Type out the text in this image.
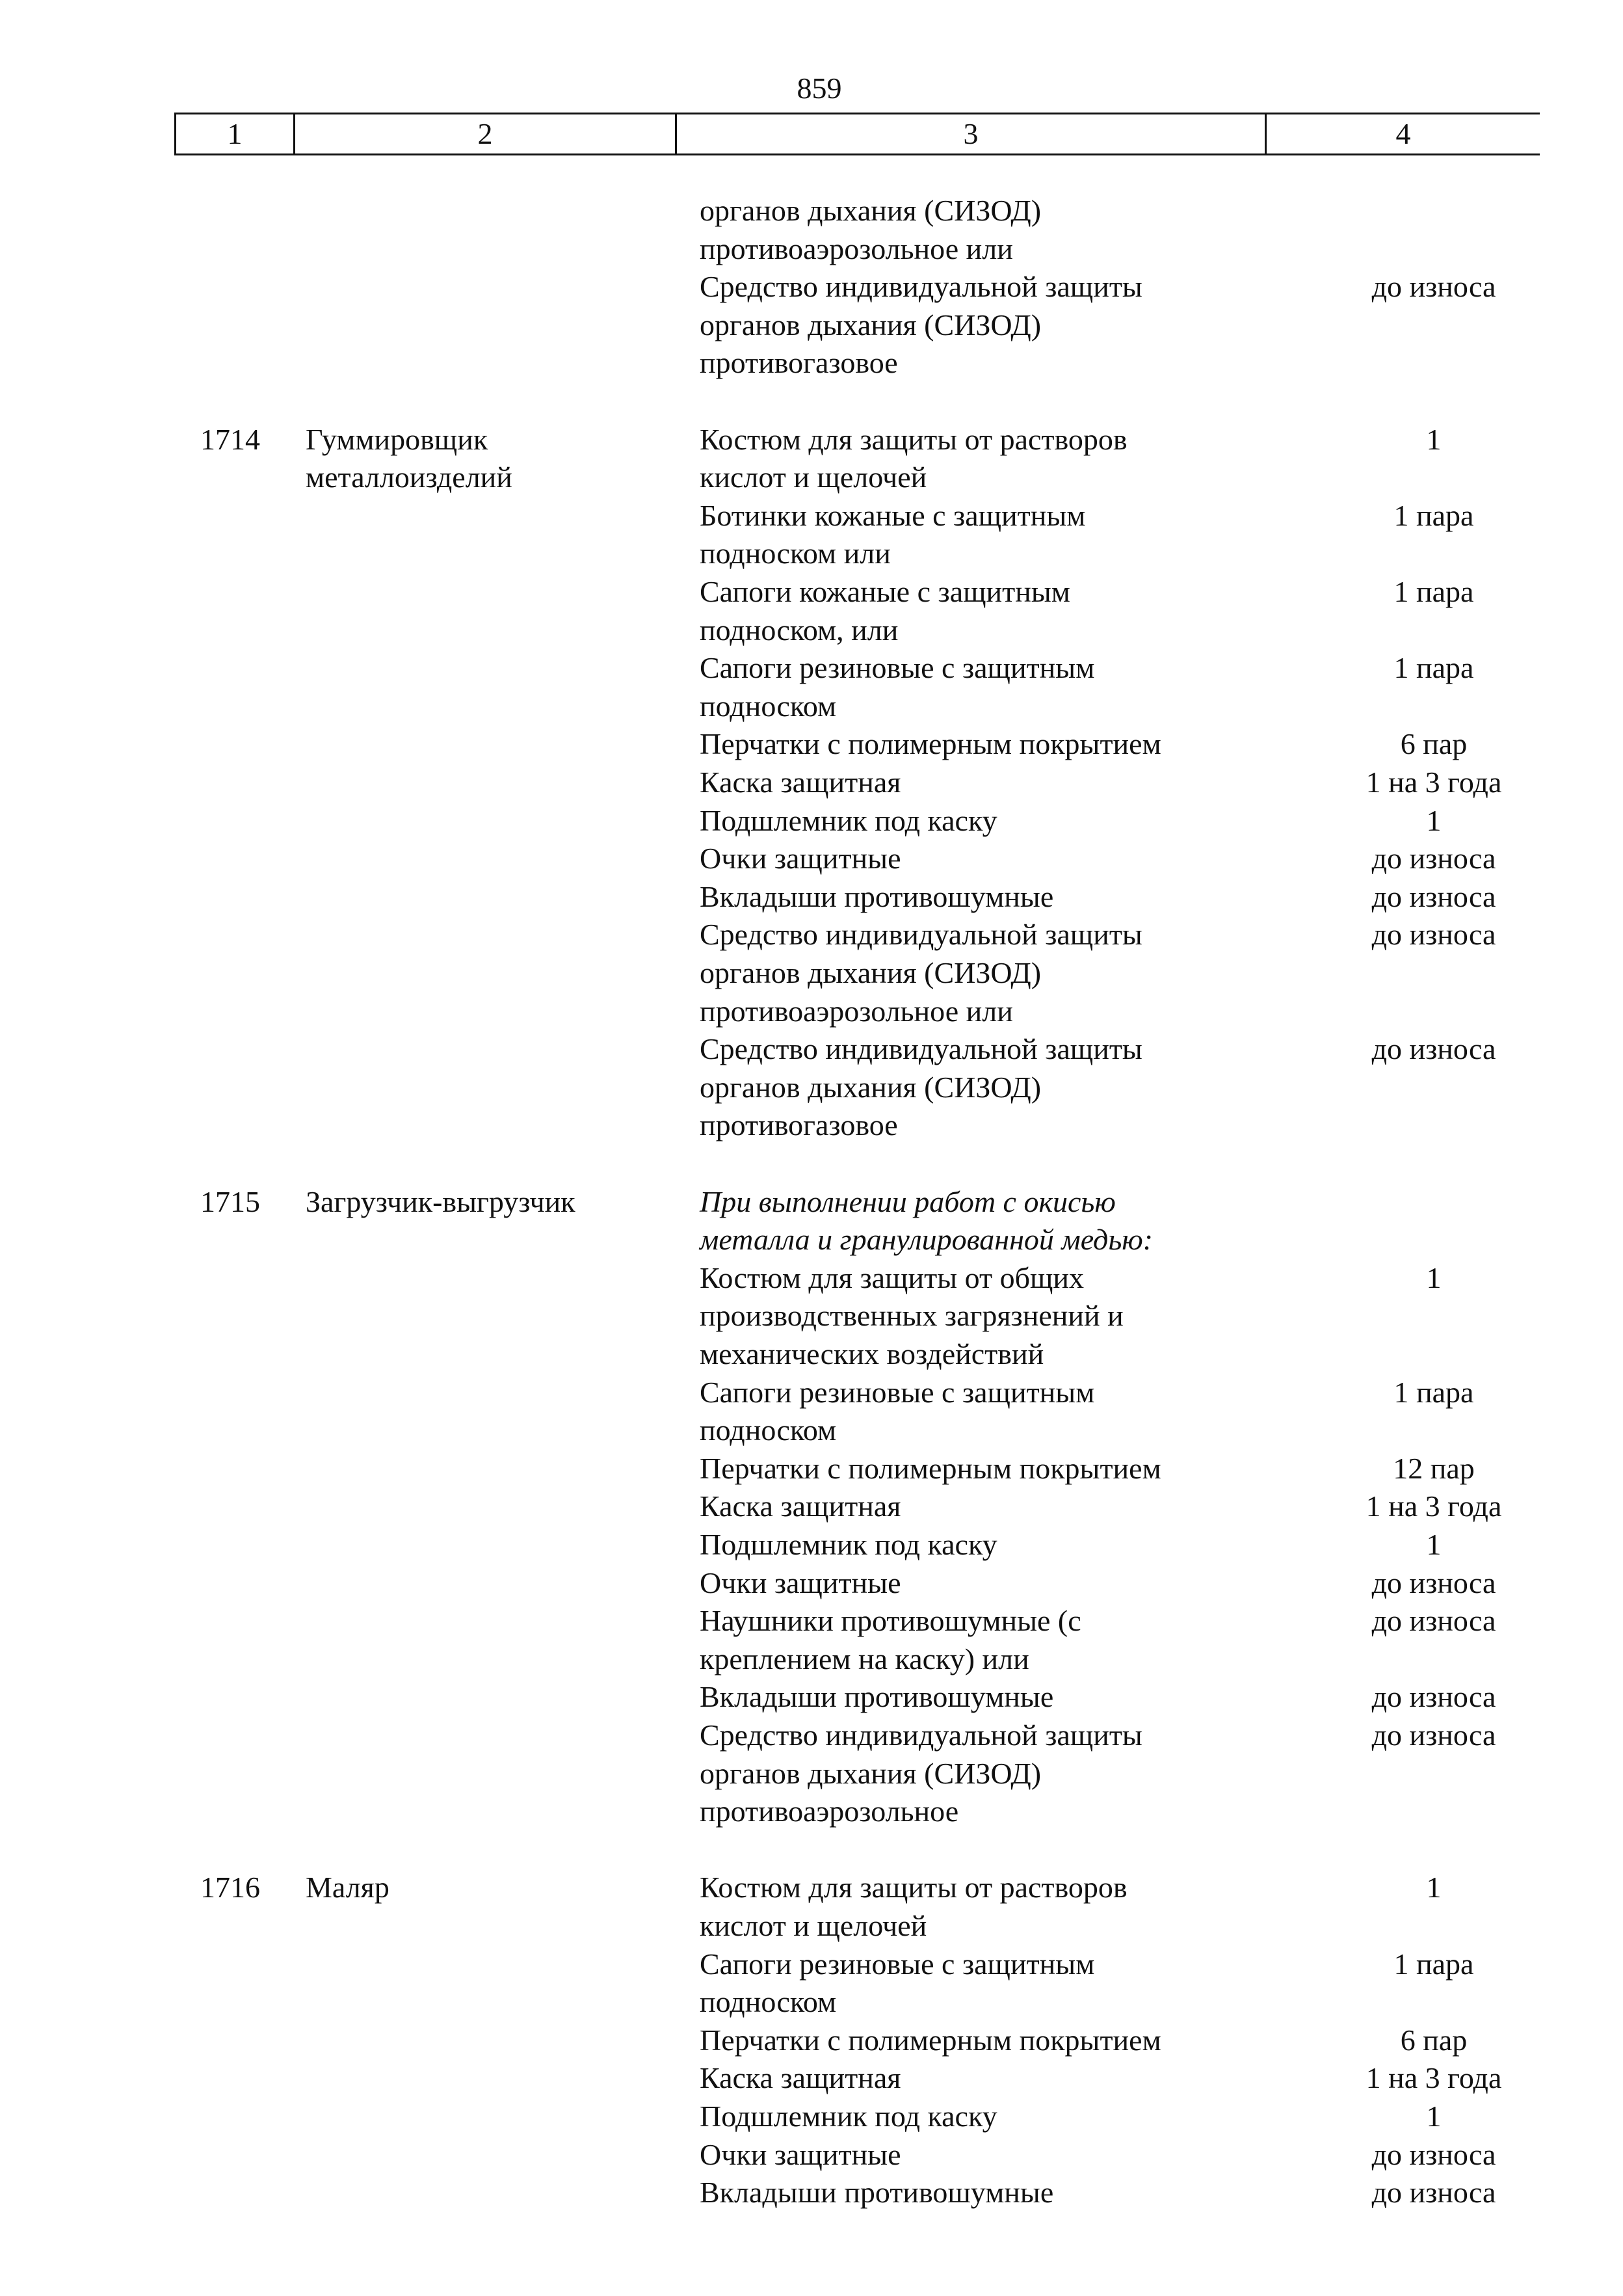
859
1	2	3	4
органов дыхания (СИЗОД)
противоаэрозольное или
Средство индивидуальной защиты	до износа
органов дыхания (СИЗОД)
противогазовое
1714 Гуммировщик	Костюм для защиты от растворов	1
металлоизделий	кислот и щелочей
Ботинки кожаные с защитным	1 пара
подноском или
Сапоги кожаные с защитным	1 пара
подноском, или
Сапоги резиновые с защитным	1 пара
подноском
Перчатки с полимерным покрытием	6 пар
Каска защитная	1 на 3 года
Подшлемник под каску	1
Очки защитные	до износа
Вкладыши противошумные	до износа
Средство индивидуальной защиты	до износа
органов дыхания (СИЗОД)
противоаэрозольное или
Средство индивидуальной защиты	до износа
органов дыхания (СИЗОД)
противогазовое
1715 Загрузчик-выгрузчик	При выполнении работ с окисью
металла и гранулированной медью:
Костюм для защиты от общих	1
производственных загрязнений и
механических воздействий
Сапоги резиновые с защитным	1 пара
подноском
Перчатки с полимерным покрытием	12 пар
Каска защитная	1 на 3 года
Подшлемник под каску	1
Очки защитные	до износа
Наушники противошумные (с	до износа
креплением на каску) или
Вкладыши противошумные	до износа
Средство индивидуальной защиты	до износа
органов дыхания (СИЗОД)
противоаэрозольное
1716 Маляр	Костюм для защиты от растворов	1
кислот и щелочей
Сапоги резиновые с защитным	1 пара
подноском
Перчатки с полимерным покрытием	6 пар
Каска защитная	1 на 3 года
Подшлемник под каску	1
Очки защитные	до износа
Вкладыши противошумные	до износа
